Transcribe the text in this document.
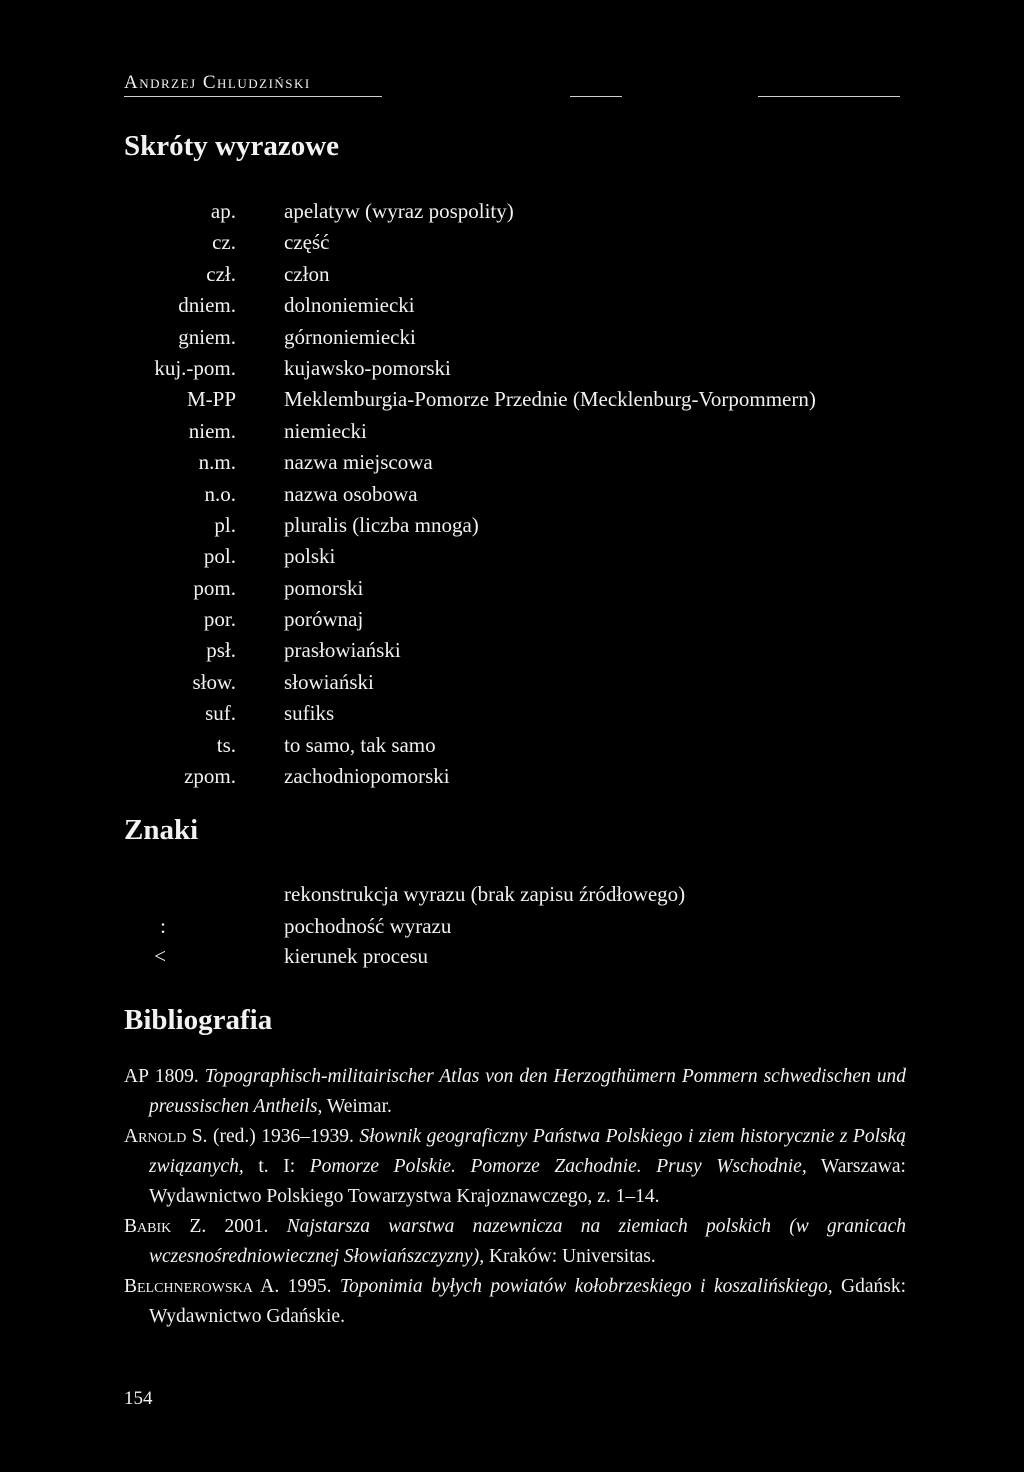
Andrzej Chludziński
Skróty wyrazowe
ap. apelatyw (wyraz pospolity)
cz. część
czł. człon
dniem. dolnoniemiecki
gniem. górnoniemiecki
kuj.-pom. kujawsko-pomorski
M-PP Meklemburgia-Pomorze Przednie (Mecklenburg-Vorpommern)
niem. niemiecki
n.m. nazwa miejscowa
n.o. nazwa osobowa
pl. pluralis (liczba mnoga)
pol. polski
pom. pomorski
por. porównaj
psł. prasłowiański
słow. słowiański
suf. sufiks
ts. to samo, tak samo
zpom. zachodniopomorski
Znaki
rekonstrukcja wyrazu (brak zapisu źródłowego)
:	pochodność wyrazu
<	kierunek procesu
Bibliografia
AP 1809. Topographisch-militairischer Atlas von den Herzogthümern Pommern schwedischen und preussischen Antheils, Weimar.
Arnold S. (red.) 1936–1939. Słownik geograficzny Państwa Polskiego i ziem historycznie z Polską związanych, t. I: Pomorze Polskie. Pomorze Zachodnie. Prusy Wschodnie, Warszawa: Wydawnictwo Polskiego Towarzystwa Krajoznawczego, z. 1–14.
Babik Z. 2001. Najstarsza warstwa nazewnicza na ziemiach polskich (w granicach wczesnośredniowiecznej Słowiańszczyzny), Kraków: Universitas.
Belchnerowska A. 1995. Toponimia byłych powiatów kołobrzeskiego i koszalińskiego, Gdańsk: Wydawnictwo Gdańskie.
154
